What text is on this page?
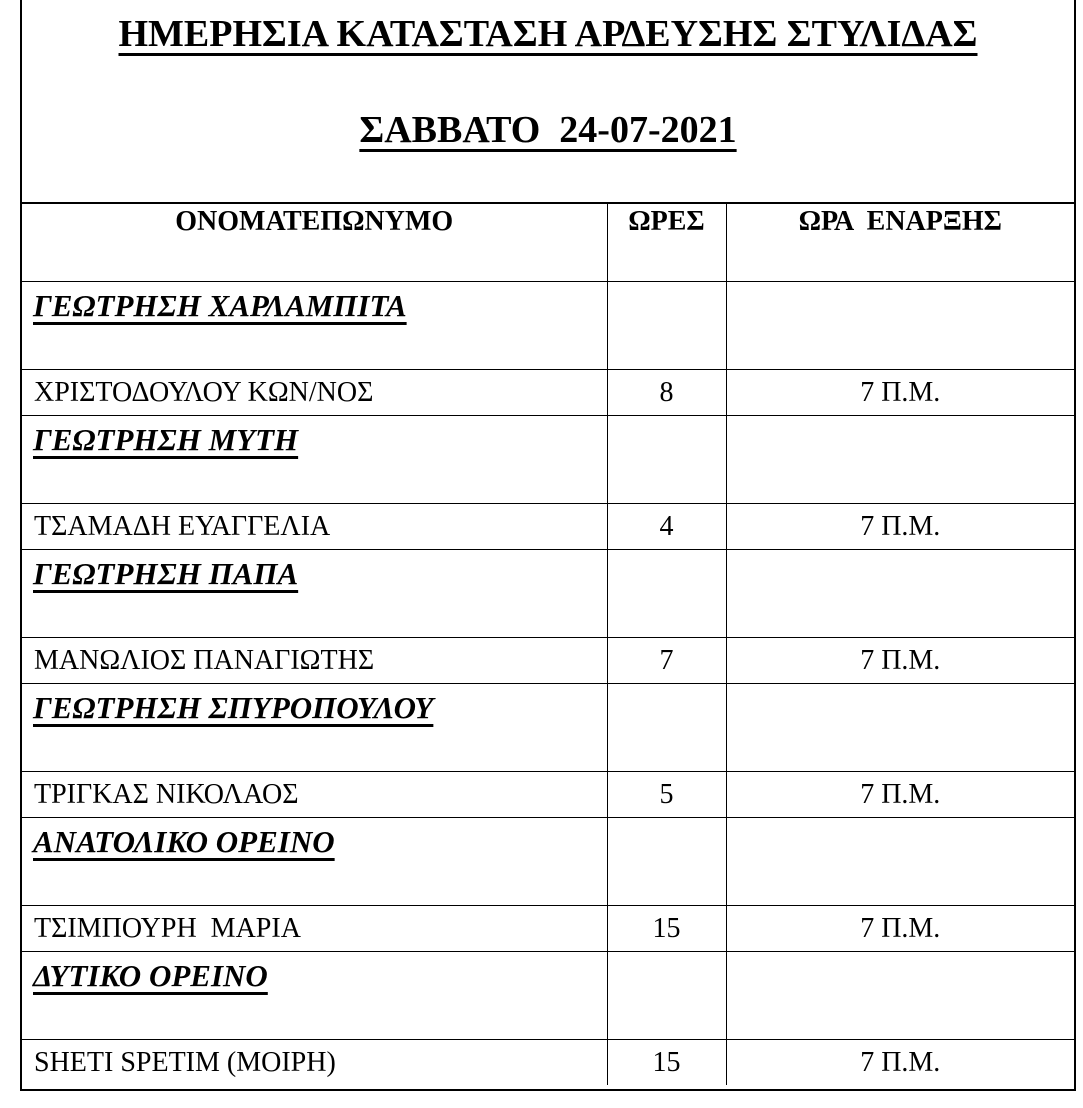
ΗΜΕΡΗΣΙΑ ΚΑΤΑΣΤΑΣΗ ΑΡΔΕΥΣΗΣ ΣΤΥΛΙΔΑΣ
ΣΑΒΒΑΤΟ  24-07-2021
ΟΝΟΜΑΤΕΠΩΝΥΜΟ	ΩΡΕΣ	ΩΡΑ  ΕΝΑΡΞΗΣ
ΓΕΩΤΡΗΣΗ ΧΑΡΛΑΜΠΙΤΑ		
ΧΡΙΣΤΟΔΟΥΛΟΥ ΚΩΝ/ΝΟΣ	8	7 Π.Μ.
ΓΕΩΤΡΗΣΗ ΜΥΤΗ		
ΤΣΑΜΑΔΗ ΕΥΑΓΓΕΛΙΑ	4	7 Π.Μ.
ΓΕΩΤΡΗΣΗ ΠΑΠΑ		
ΜΑΝΩΛΙΟΣ ΠΑΝΑΓΙΩΤΗΣ	7	7 Π.Μ.
ΓΕΩΤΡΗΣΗ ΣΠΥΡΟΠΟΥΛΟΥ		
ΤΡΙΓΚΑΣ ΝΙΚΟΛΑΟΣ	5	7 Π.Μ.
ΑΝΑΤΟΛΙΚΟ ΟΡΕΙΝΟ		
ΤΣΙΜΠΟΥΡΗ  ΜΑΡΙΑ	15	7 Π.Μ.
ΔΥΤΙΚΟ ΟΡΕΙΝΟ		
SHETI SPETIM (ΜΟΙΡΗ)	15	7 Π.Μ.
